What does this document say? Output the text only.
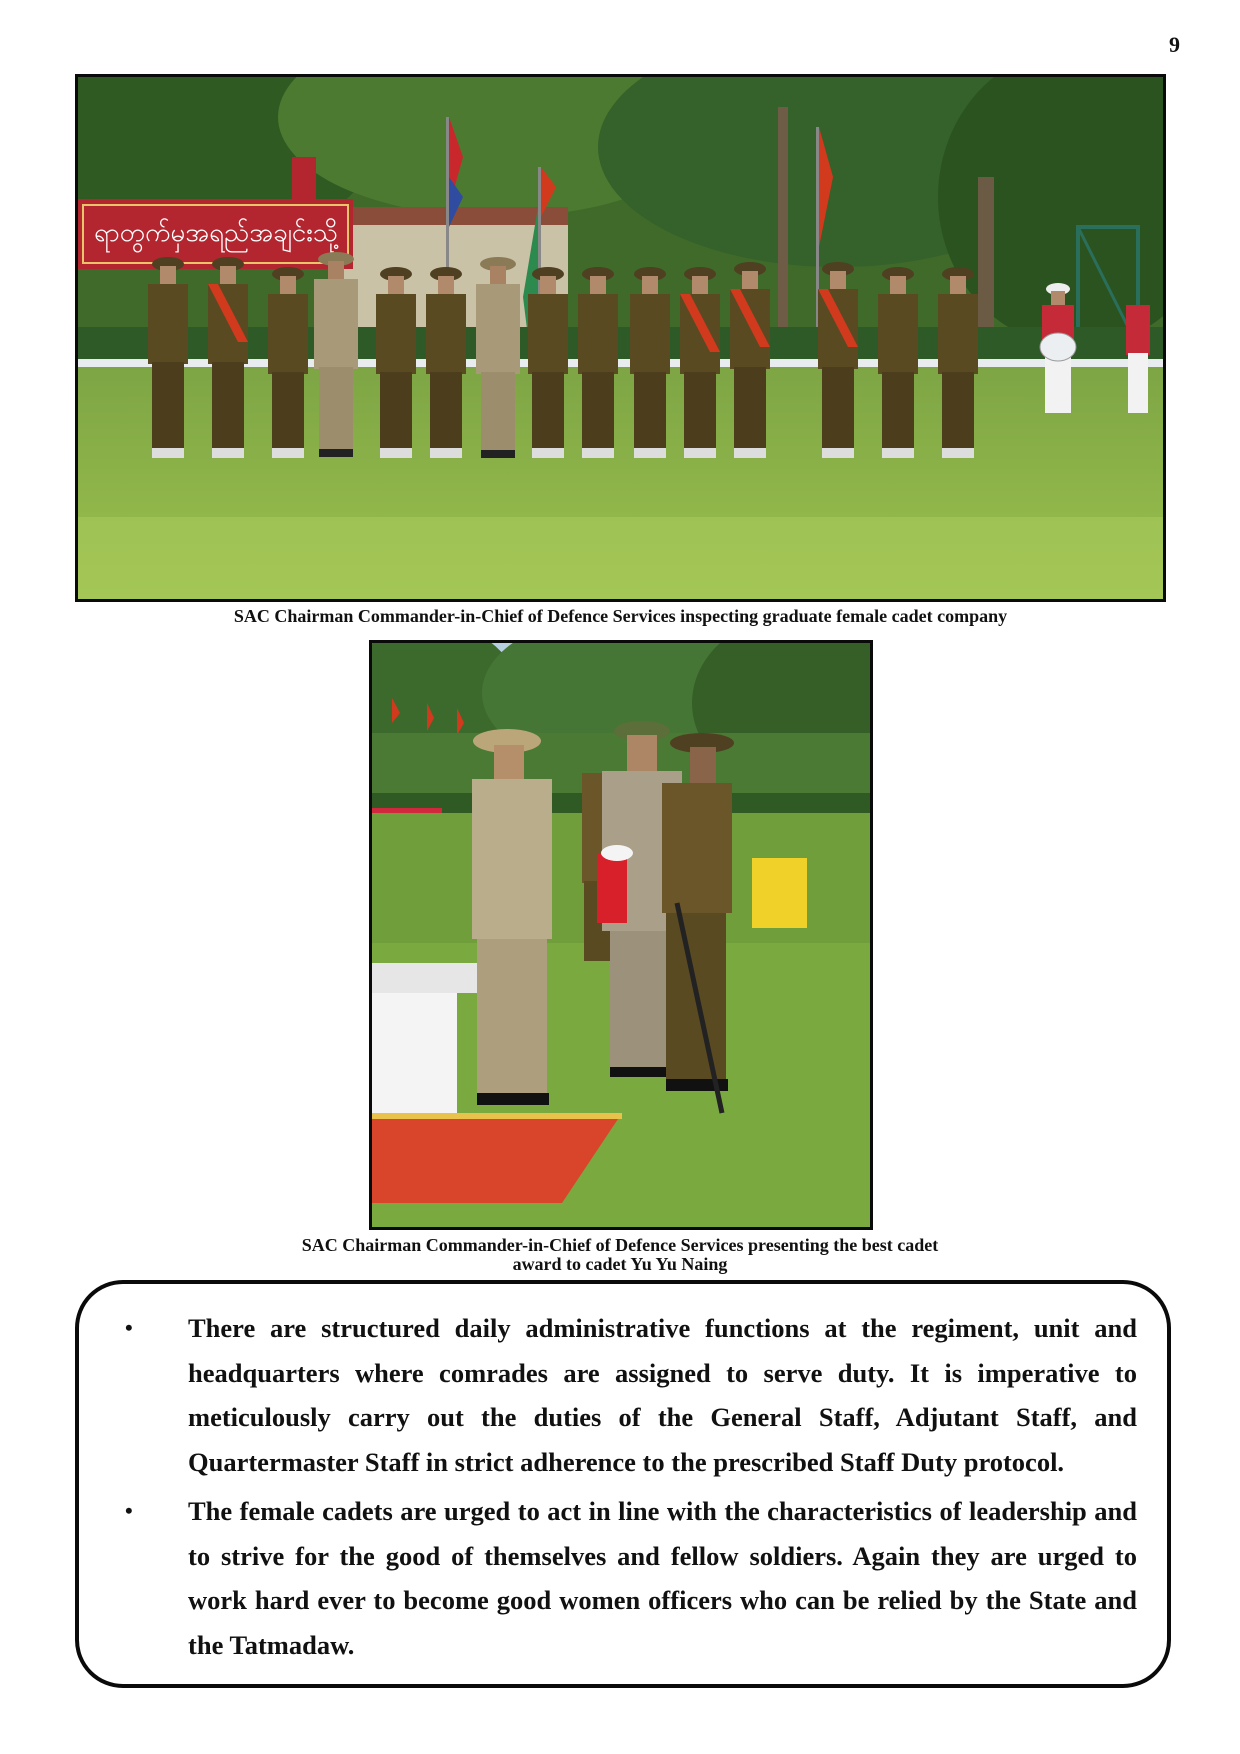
9
ရာတွက်မှအရည်အချင်းသို့
SAC Chairman Commander-in-Chief of Defence Services inspecting graduate female cadet company
SAC Chairman Commander-in-Chief of Defence Services presenting the best cadet
award to cadet Yu Yu Naing
• There are structured daily administrative functions at the regiment, unit and headquarters where comrades are assigned to serve duty. It is imperative to meticulously carry out the duties of the General Staff, Adjutant Staff, and Quartermaster Staff in strict adherence to the prescribed Staff Duty protocol.
• The female cadets are urged to act in line with the characteristics of leadership and to strive for the good of themselves and fellow soldiers. Again they are urged to work hard ever to become good women officers who can be relied by the State and the Tatmadaw.
